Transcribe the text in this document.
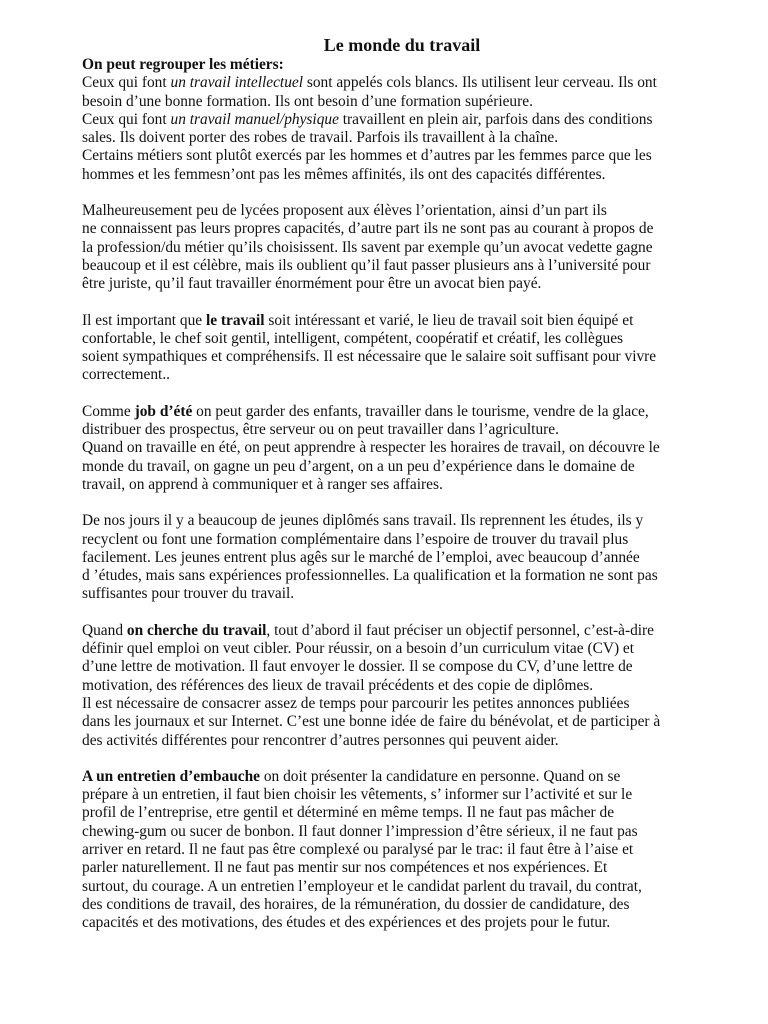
Le monde du travail
On peut regrouper les métiers:
Ceux qui font un travail intellectuel sont appelés cols blancs. Ils utilisent leur cerveau. Ils ont
besoin d’une bonne formation. Ils ont besoin d’une formation supérieure.
Ceux qui font un travail manuel/physique travaillent en plein air, parfois dans des conditions
sales. Ils doivent porter des robes de travail. Parfois ils travaillent à la chaîne.
Certains métiers sont plutôt exercés par les hommes et d’autres par les femmes parce que les
hommes et les femmesn’ont pas les mêmes affinités, ils ont des capacités différentes.
Malheureusement peu de lycées proposent aux élèves l’orientation, ainsi d’un part ils
ne connaissent pas leurs propres capacités, d’autre part ils ne sont pas au courant à propos de
la profession/du métier qu’ils choisissent. Ils savent par exemple qu’un avocat vedette gagne
beaucoup et il est célèbre, mais ils oublient qu’il faut passer plusieurs ans à l’université pour
être juriste, qu’il faut travailler énormément pour être un avocat bien payé.
Il est important que le travail soit intéressant et varié, le lieu de travail soit bien équipé et
confortable, le chef soit gentil, intelligent, compétent, coopératif et créatif, les collègues
soient sympathiques et compréhensifs. Il est nécessaire que le salaire soit suffisant pour vivre
correctement..
Comme job d’été on peut garder des enfants, travailler dans le tourisme, vendre de la glace,
distribuer des prospectus, être serveur ou on peut travailler dans l’agriculture.
Quand on travaille en été, on peut apprendre à respecter les horaires de travail, on découvre le
monde du travail, on gagne un peu d’argent, on a un peu d’expérience dans le domaine de
travail, on apprend à communiquer et à ranger ses affaires.
De nos jours il y a beaucoup de jeunes diplômés sans travail. Ils reprennent les études, ils y
recyclent ou font une formation complémentaire dans l’espoire de trouver du travail plus
facilement. Les jeunes entrent plus agês sur le marché de l’emploi, avec beaucoup d’année
d ’études, mais sans expériences professionnelles. La qualification et la formation ne sont pas
suffisantes pour trouver du travail.
Quand on cherche du travail, tout d’abord il faut préciser un objectif personnel, c’est-à-dire
définir quel emploi on veut cibler. Pour réussir, on a besoin d’un curriculum vitae (CV) et
d’une lettre de motivation. Il faut envoyer le dossier. Il se compose du CV, d’une lettre de
motivation, des références des lieux de travail précédents et des copie de diplômes.
Il est nécessaire de consacrer assez de temps pour parcourir les petites annonces publiées
dans les journaux et sur Internet. C’est une bonne idée de faire du bénévolat, et de participer à
des activités différentes pour rencontrer d’autres personnes qui peuvent aider.
A un entretien d’embauche on doit présenter la candidature en personne. Quand on se
prépare à un entretien, il faut bien choisir les vêtements, s’ informer sur l’activité et sur le
profil de l’entreprise, etre gentil et déterminé en même temps. Il ne faut pas mâcher de
chewing-gum ou sucer de bonbon. Il faut donner l’impression d’être sérieux, il ne faut pas
arriver en retard. Il ne faut pas être complexé ou paralysé par le trac: il faut être à l’aise et
parler naturellement. Il ne faut pas mentir sur nos compétences et nos expériences. Et
surtout, du courage. A un entretien l’employeur et le candidat parlent du travail, du contrat,
des conditions de travail, des horaires, de la rémunération, du dossier de candidature, des
capacités et des motivations, des études et des expériences et des projets pour le futur.
